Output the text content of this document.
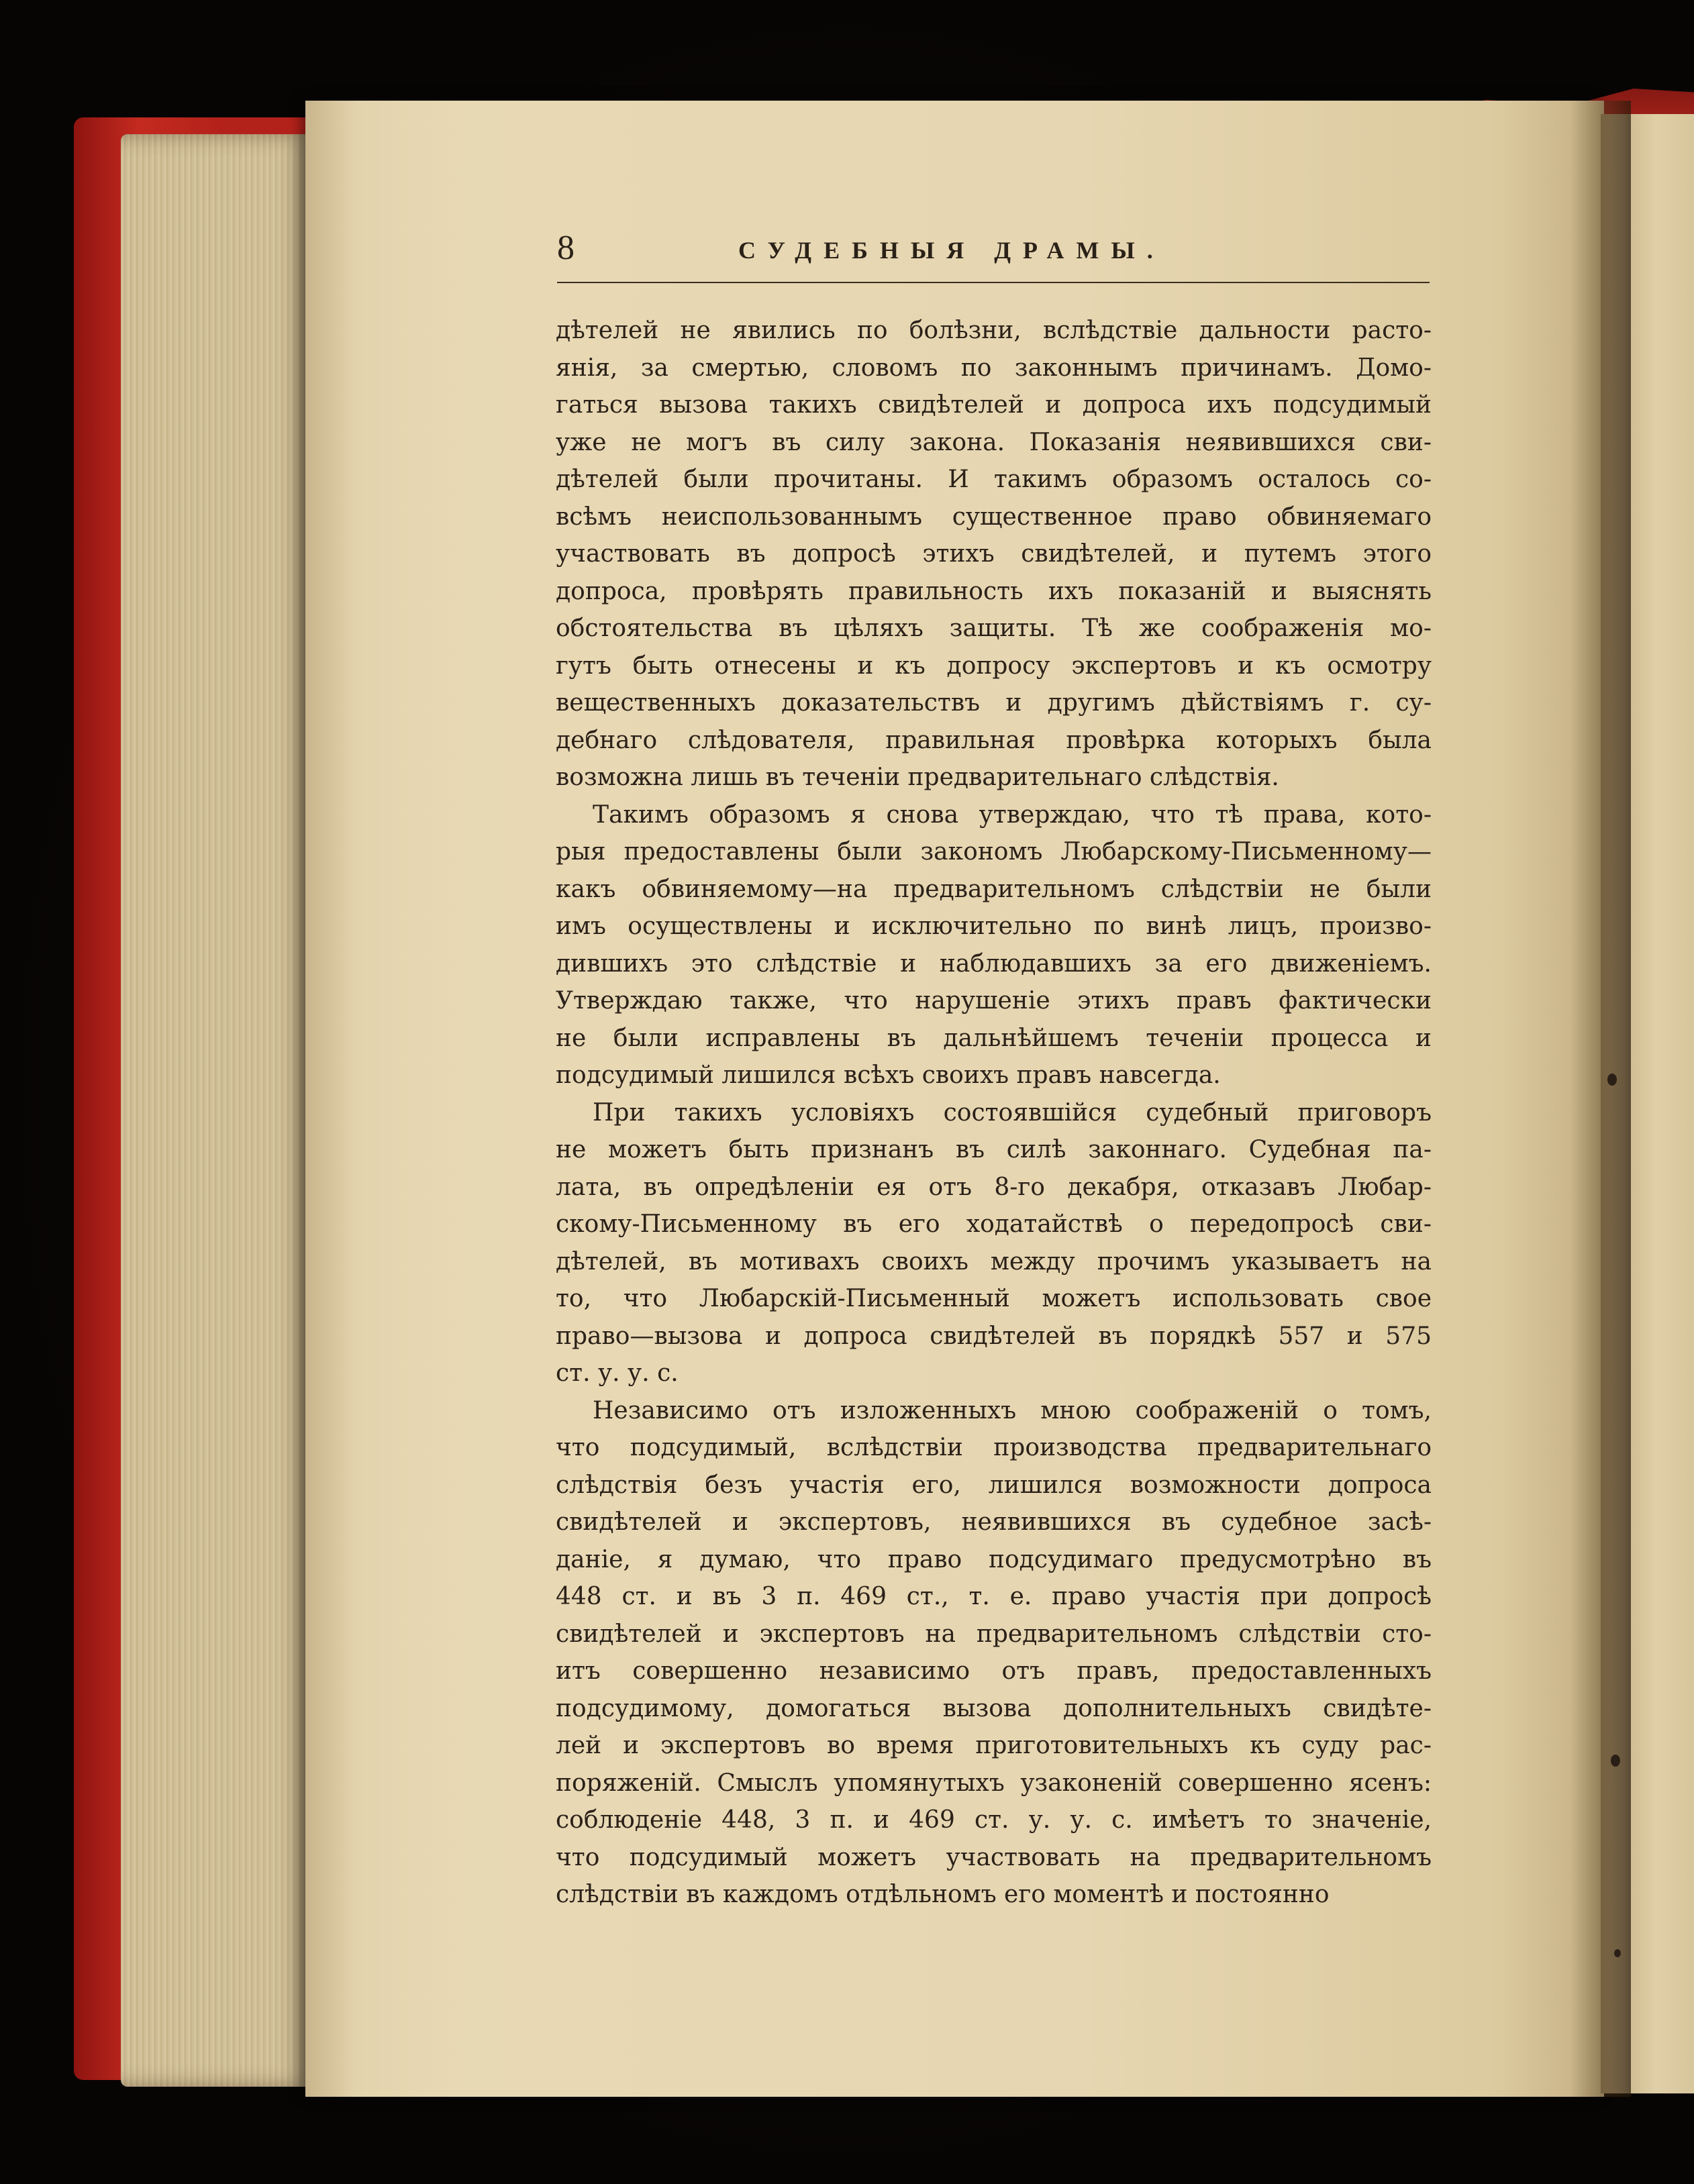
8	СУДЕБНЫЯ ДРАМЫ.
дѣтелей не явились по болѣзни, вслѣдствіе дальности расто-
янія, за смертью, словомъ по законнымъ причинамъ. Домо-
гаться вызова такихъ свидѣтелей и допроса ихъ подсудимый
уже не могъ въ силу закона. Показанія неявившихся сви-
дѣтелей были прочитаны. И такимъ образомъ осталось со-
всѣмъ неиспользованнымъ существенное право обвиняемаго
участвовать въ допросѣ этихъ свидѣтелей, и путемъ этого
допроса, провѣрять правильность ихъ показаній и выяснять
обстоятельства въ цѣляхъ защиты. Тѣ же соображенія мо-
гутъ быть отнесены и къ допросу экспертовъ и къ осмотру
вещественныхъ доказательствъ и другимъ дѣйствіямъ г. су-
дебнаго слѣдователя, правильная провѣрка которыхъ была
возможна лишь въ теченіи предварительнаго слѣдствія.
Такимъ образомъ я снова утверждаю, что тѣ права, кото-
рыя предоставлены были закономъ Любарскому-Письменному—
какъ обвиняемому—на предварительномъ слѣдствіи не были
имъ осуществлены и исключительно по винѣ лицъ, произво-
дившихъ это слѣдствіе и наблюдавшихъ за его движеніемъ.
Утверждаю также, что нарушеніе этихъ правъ фактически
не были исправлены въ дальнѣйшемъ теченіи процесса и
подсудимый лишился всѣхъ своихъ правъ навсегда.
При такихъ условіяхъ состоявшійся судебный приговоръ
не можетъ быть признанъ въ силѣ законнаго. Судебная па-
лата, въ опредѣленіи ея отъ 8-го декабря, отказавъ Любар-
скому-Письменному въ его ходатайствѣ о передопросѣ сви-
дѣтелей, въ мотивахъ своихъ между прочимъ указываетъ на
то, что Любарскій-Письменный можетъ использовать свое
право—вызова и допроса свидѣтелей въ порядкѣ 557 и 575
ст. у. у. с.
Независимо отъ изложенныхъ мною соображеній о томъ,
что подсудимый, вслѣдствіи производства предварительнаго
слѣдствія безъ участія его, лишился возможности допроса
свидѣтелей и экспертовъ, неявившихся въ судебное засѣ-
даніе, я думаю, что право подсудимаго предусмотрѣно въ
448 ст. и въ 3 п. 469 ст., т. е. право участія при допросѣ
свидѣтелей и экспертовъ на предварительномъ слѣдствіи сто-
итъ совершенно независимо отъ правъ, предоставленныхъ
подсудимому, домогаться вызова дополнительныхъ свидѣте-
лей и экспертовъ во время приготовительныхъ къ суду рас-
поряженій. Смыслъ упомянутыхъ узаконеній совершенно ясенъ:
соблюденіе 448, 3 п. и 469 ст. у. у. с. имѣетъ то значеніе,
что подсудимый можетъ участвовать на предварительномъ
слѣдствіи въ каждомъ отдѣльномъ его моментѣ и постоянно
